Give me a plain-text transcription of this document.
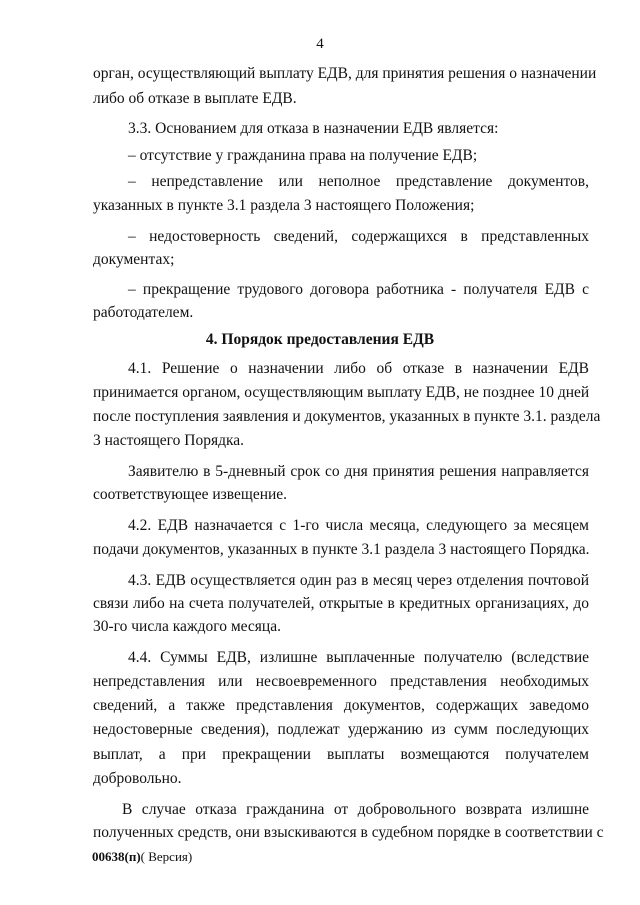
4
орган, осуществляющий выплату ЕДВ, для принятия решения о назначении
либо об отказе в выплате ЕДВ.
3.3. Основанием для отказа в назначении ЕДВ является:
– отсутствие у гражданина права на получение ЕДВ;
– непредставление или неполное представление документов,
указанных в пункте 3.1 раздела 3 настоящего Положения;
– недостоверность сведений, содержащихся в представленных
документах;
– прекращение трудового договора работника - получателя ЕДВ с
работодателем.
4. Порядок предоставления ЕДВ
4.1. Решение о назначении либо об отказе в назначении ЕДВ
принимается органом, осуществляющим выплату ЕДВ, не позднее 10 дней
после поступления заявления и документов, указанных в пункте 3.1. раздела
3 настоящего Порядка.
Заявителю в 5-дневный срок со дня принятия решения направляется
соответствующее извещение.
4.2. ЕДВ назначается с 1-го числа месяца, следующего за месяцем
подачи документов, указанных в пункте 3.1 раздела 3 настоящего Порядка.
4.3. ЕДВ осуществляется один раз в месяц через отделения почтовой
связи либо на счета получателей, открытые в кредитных организациях, до
30-го числа каждого месяца.
4.4. Суммы ЕДВ, излишне выплаченные получателю (вследствие
непредставления или несвоевременного представления необходимых
сведений, а также представления документов, содержащих заведомо
недостоверные сведения), подлежат удержанию из сумм последующих
выплат, а при прекращении выплаты возмещаются получателем
добровольно.
В случае отказа гражданина от добровольного возврата излишне
полученных средств, они взыскиваются в судебном порядке в соответствии с
00638(п)( Версия)
